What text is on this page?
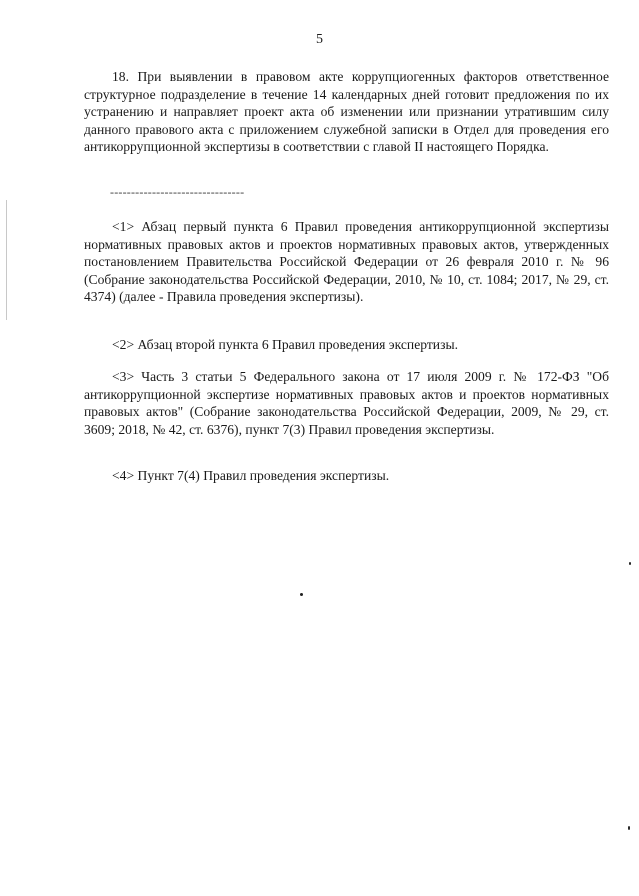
5

18. При выявлении в правовом акте коррупциогенных факторов ответственное структурное подразделение в течение 14 календарных дней готовит предложения по их устранению и направляет проект акта об изменении или признании утратившим силу данного правового акта с приложением служебной записки в Отдел для проведения его антикоррупционной экспертизы в соответствии с главой II настоящего Порядка.

--------------------------------

<1> Абзац первый пункта 6 Правил проведения антикоррупционной экспертизы нормативных правовых актов и проектов нормативных правовых актов, утвержденных постановлением Правительства Российской Федерации от 26 февраля 2010 г. № 96 (Собрание законодательства Российской Федерации, 2010, № 10, ст. 1084; 2017, № 29, ст. 4374) (далее - Правила проведения экспертизы).

<2> Абзац второй пункта 6 Правил проведения экспертизы.

<3> Часть 3 статьи 5 Федерального закона от 17 июля 2009 г. № 172-ФЗ "Об антикоррупционной экспертизе нормативных правовых актов и проектов нормативных правовых актов" (Собрание законодательства Российской Федерации, 2009, № 29, ст. 3609; 2018, № 42, ст. 6376), пункт 7(3) Правил проведения экспертизы.

<4> Пункт 7(4) Правил проведения экспертизы.
